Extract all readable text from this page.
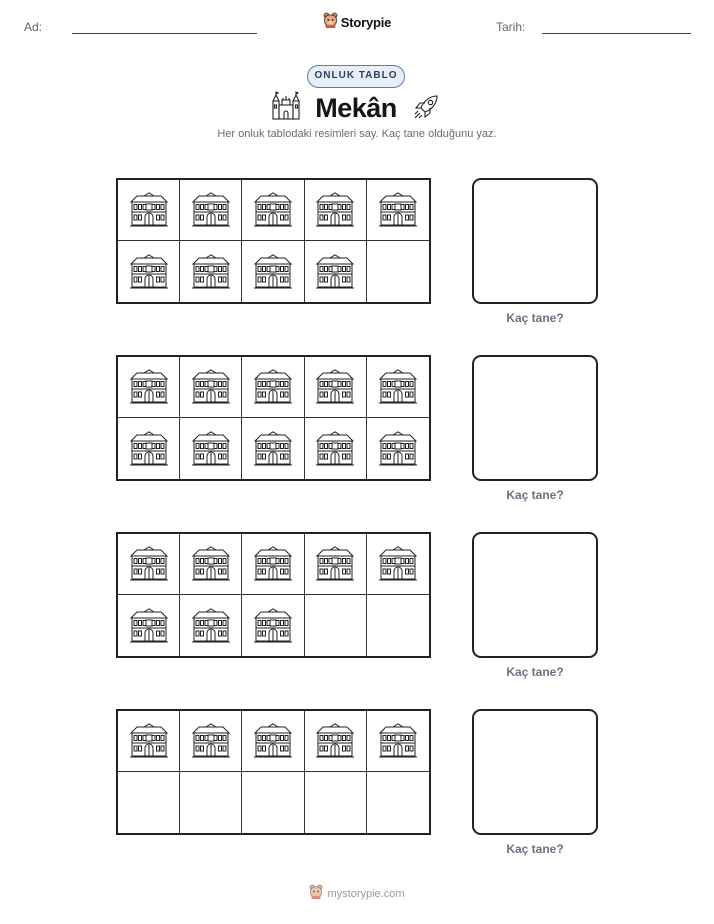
Ad:	Tarih:
Storypie
ONLUK TABLO
Mekân
Her onluk tablodaki resimleri say. Kaç tane olduğunu yaz.
Kaç tane?
Kaç tane?
Kaç tane?
Kaç tane?
mystorypie.com
